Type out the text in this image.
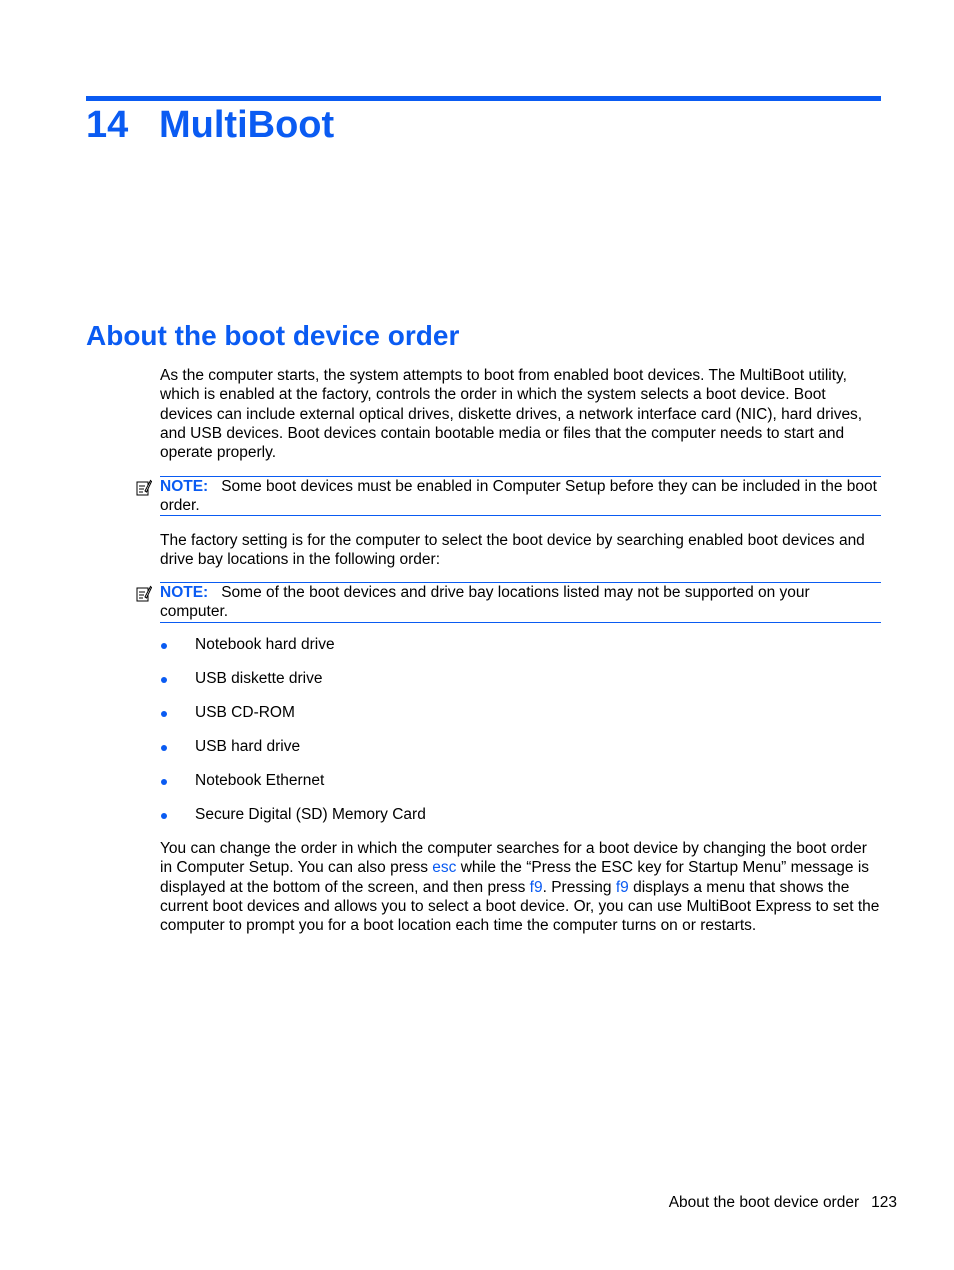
14 MultiBoot
About the boot device order

As the computer starts, the system attempts to boot from enabled boot devices. The MultiBoot utility, which is enabled at the factory, controls the order in which the system selects a boot device. Boot devices can include external optical drives, diskette drives, a network interface card (NIC), hard drives, and USB devices. Boot devices contain bootable media or files that the computer needs to start and operate properly.

NOTE: Some boot devices must be enabled in Computer Setup before they can be included in the boot order.

The factory setting is for the computer to select the boot device by searching enabled boot devices and drive bay locations in the following order:

NOTE: Some of the boot devices and drive bay locations listed may not be supported on your computer.
Notebook hard drive
USB diskette drive
USB CD-ROM
USB hard drive
Notebook Ethernet
Secure Digital (SD) Memory Card

You can change the order in which the computer searches for a boot device by changing the boot order in Computer Setup. You can also press esc while the “Press the ESC key for Startup Menu” message is displayed at the bottom of the screen, and then press f9. Pressing f9 displays a menu that shows the current boot devices and allows you to select a boot device. Or, you can use MultiBoot Express to set the computer to prompt you for a boot location each time the computer turns on or restarts.

About the boot device order 123
